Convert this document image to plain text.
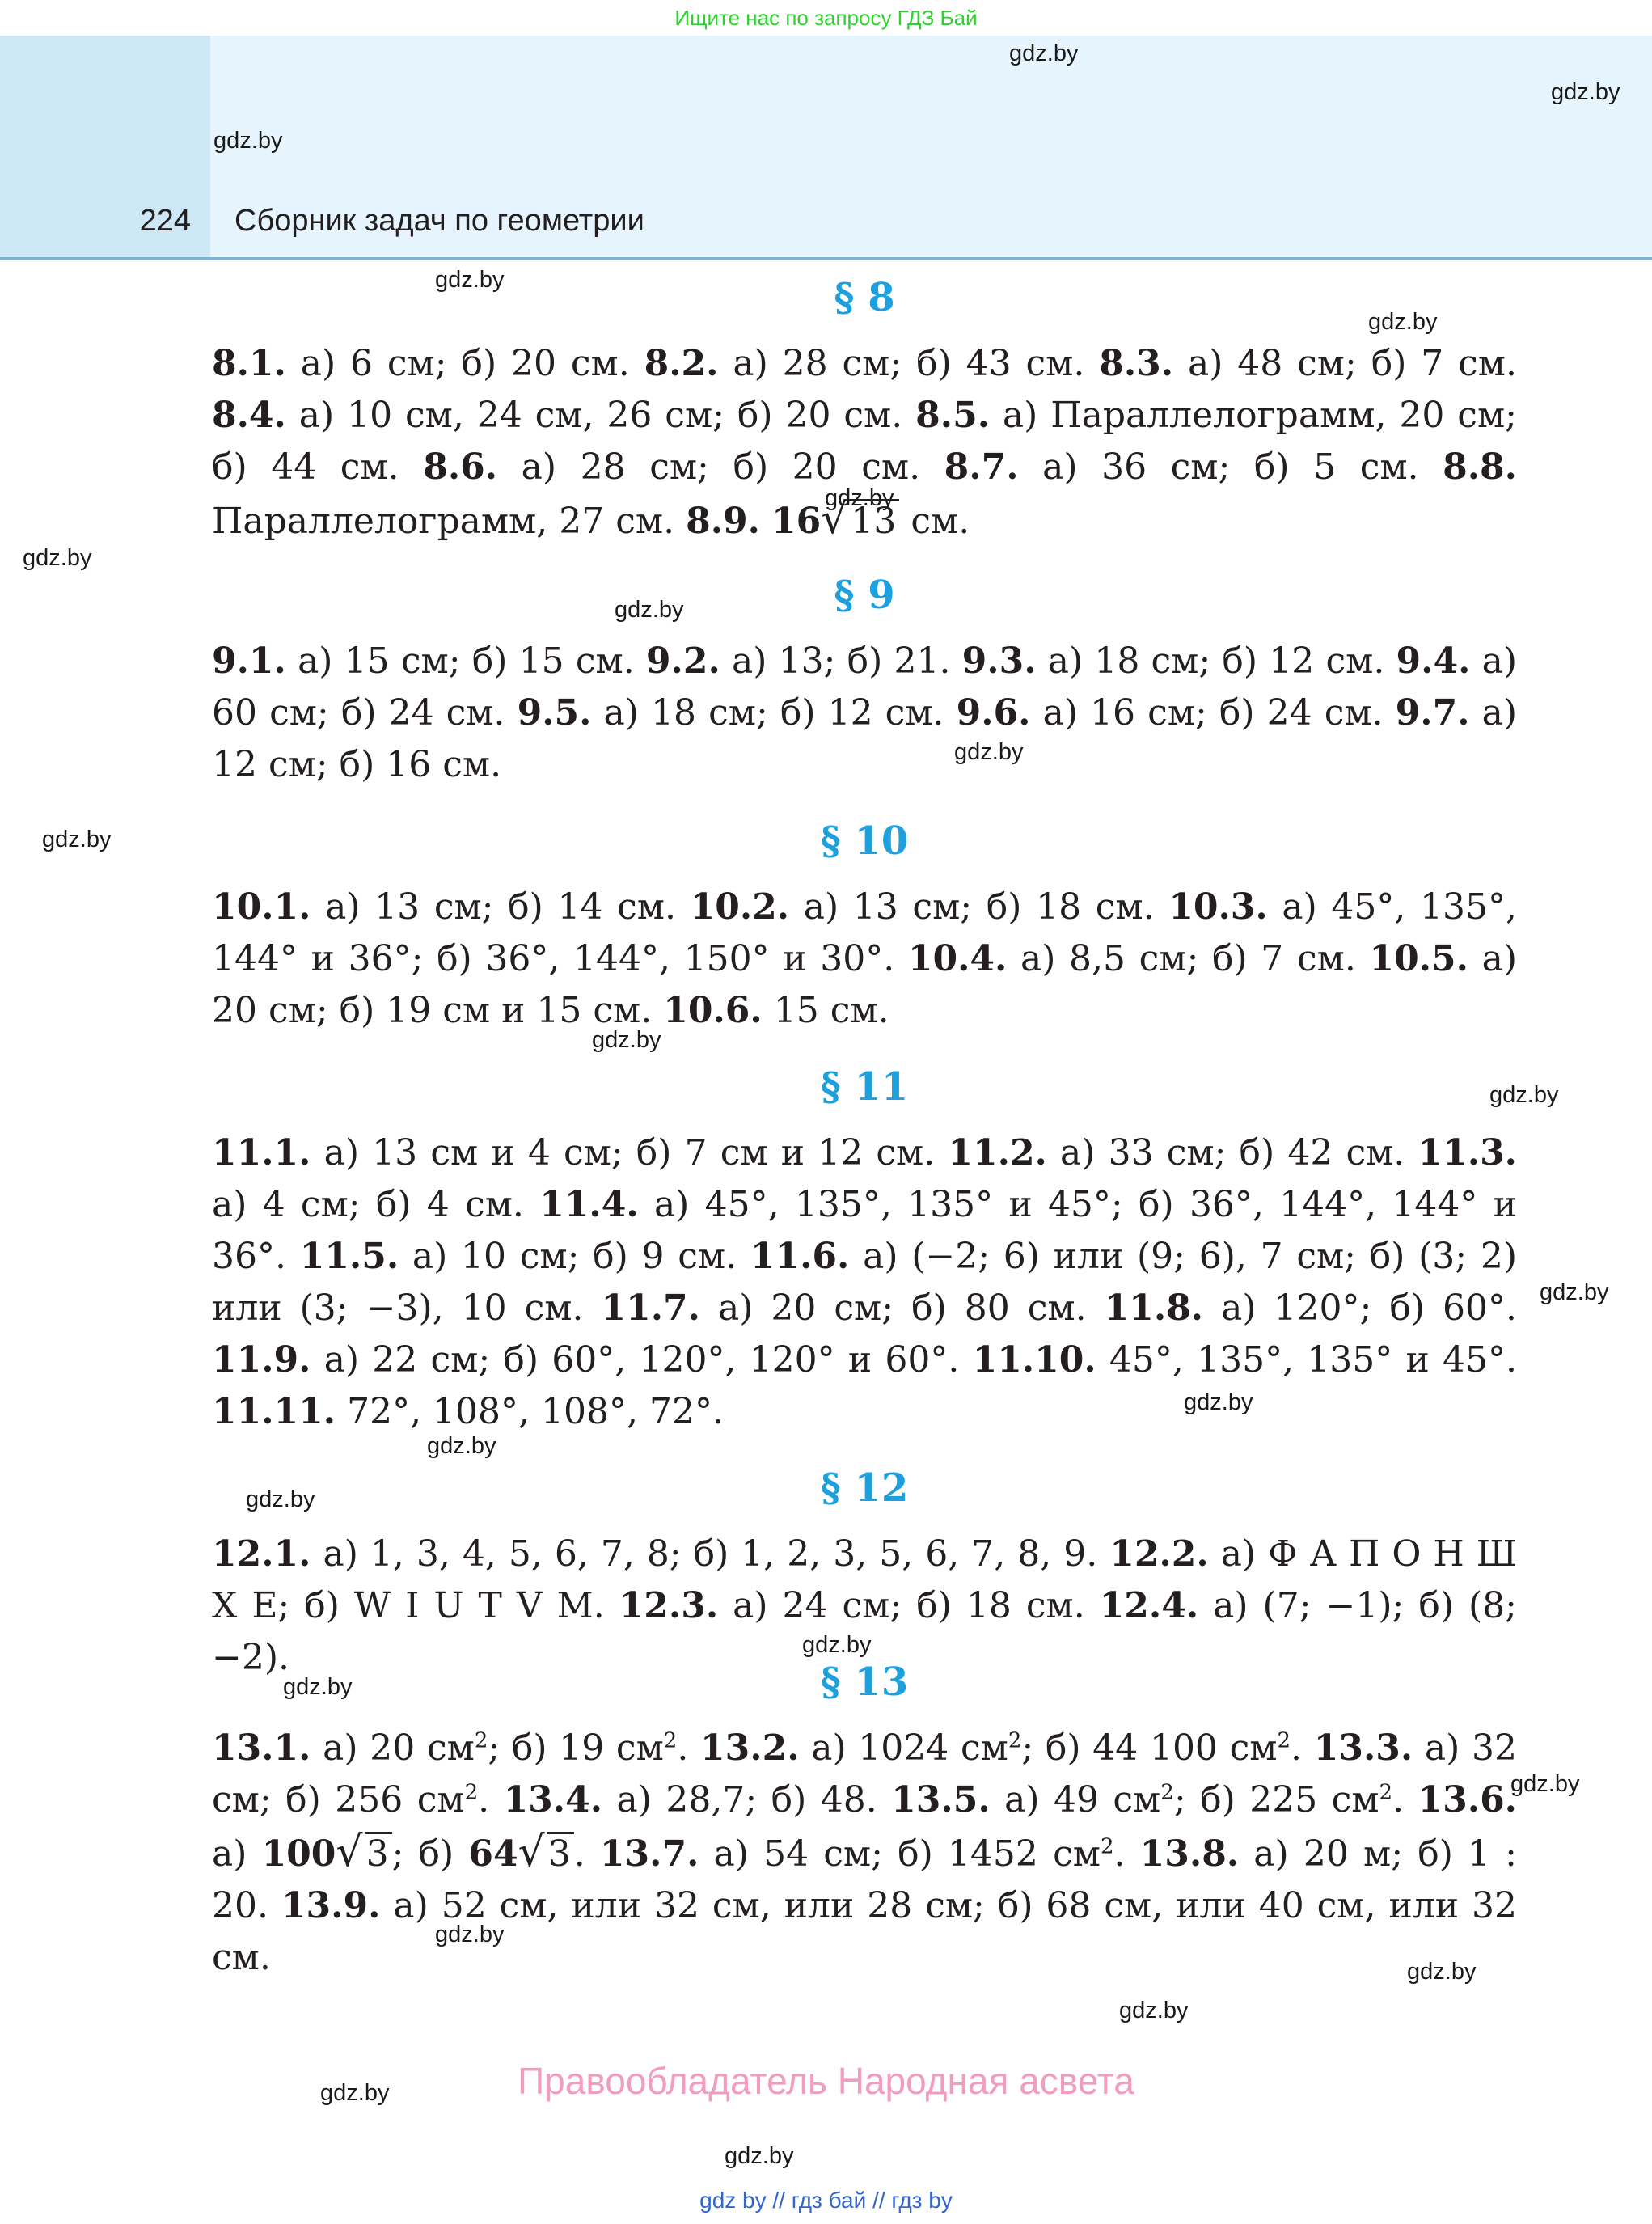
Ищите нас по запросу ГДЗ Бай
224 Сборник задач по геометрии
gdz.by
gdz.by
gdz.by
gdz.by
gdz.by
gdz.by
gdz.by
gdz.by
gdz.by
gdz.by
gdz.by
gdz.by
gdz.by
gdz.by
gdz.by
gdz.by
gdz.by
gdz.by
gdz.by
gdz.by
gdz.by
gdz.by
gdz.by
gdz.by
§ 8
8.1. а) 6 см; б) 20 см. 8.2. а) 28 см; б) 43 см. 8.3. а) 48 см; б) 7 см. 8.4. а) 10 см, 24 см, 26 см; б) 20 см. 8.5. а) Параллелограмм, 20 см; б) 44 см. 8.6. а) 28 см; б) 20 см. 8.7. а) 36 см; б) 5 см. 8.8. Параллелограмм, 27 см. 8.9. 16√13 см.
§ 9
9.1. а) 15 см; б) 15 см. 9.2. а) 13; б) 21. 9.3. а) 18 см; б) 12 см. 9.4. а) 60 см; б) 24 см. 9.5. а) 18 см; б) 12 см. 9.6. а) 16 см; б) 24 см. 9.7. а) 12 см; б) 16 см.
§ 10
10.1. а) 13 см; б) 14 см. 10.2. а) 13 см; б) 18 см. 10.3. а) 45°, 135°, 144° и 36°; б) 36°, 144°, 150° и 30°. 10.4. а) 8,5 см; б) 7 см. 10.5. а) 20 см; б) 19 см и 15 см. 10.6. 15 см.
§ 11
11.1. а) 13 см и 4 см; б) 7 см и 12 см. 11.2. а) 33 см; б) 42 см. 11.3. а) 4 см; б) 4 см. 11.4. а) 45°, 135°, 135° и 45°; б) 36°, 144°, 144° и 36°. 11.5. а) 10 см; б) 9 см. 11.6. а) (−2; 6) или (9; 6), 7 см; б) (3; 2) или (3; −3), 10 см. 11.7. а) 20 см; б) 80 см. 11.8. а) 120°; б) 60°. 11.9. а) 22 см; б) 60°, 120°, 120° и 60°. 11.10. 45°, 135°, 135° и 45°. 11.11. 72°, 108°, 108°, 72°.
§ 12
12.1. а) 1, 3, 4, 5, 6, 7, 8; б) 1, 2, 3, 5, 6, 7, 8, 9. 12.2. а) Ф А П О Н Ш Х Е; б) W I U T V M. 12.3. а) 24 см; б) 18 см. 12.4. а) (7; −1); б) (8; −2).
§ 13
13.1. а) 20 $см^2$; б) 19 $см^2$. 13.2. а) 1024 $см^2$; б) 44 100 $см^2$. 13.3. а) 32 см; б) 256 $см^2$. 13.4. а) 28,7; б) 48. 13.5. а) 49 $см^2$; б) 225 $см^2$. 13.6. а) 100√3; б) 64√3. 13.7. а) 54 см; б) 1452 $см^2$. 13.8. а) 20 м; б) 1 : 20. 13.9. а) 52 см, или 32 см, или 28 см; б) 68 см, или 40 см, или 32 см.
Правообладатель Народная асвета
gdz by // гдз бай // гдз by
